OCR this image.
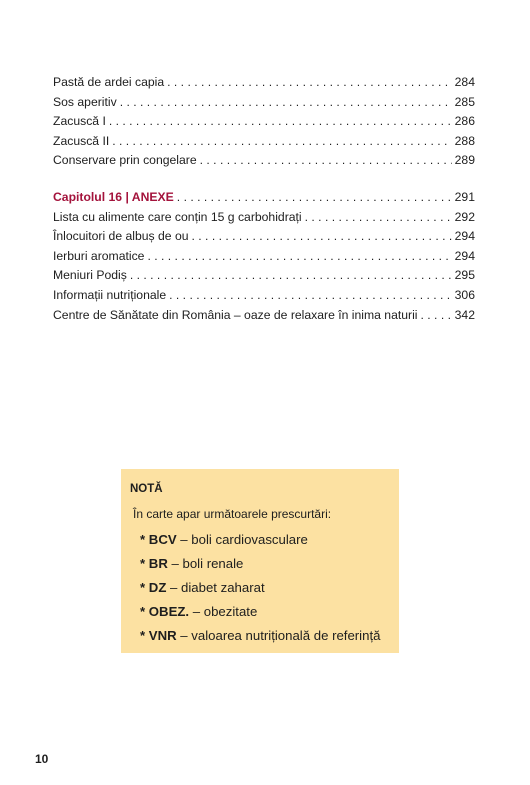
Pastă de ardei capia . . .	284
Sos aperitiv . . .	285
Zacuscă I . . .	286
Zacuscă II . . .	288
Conservare prin congelare . . .	289
Capitolul 16 | ANEXE . . .	291
Lista cu alimente care conțin 15 g carbohidrați . . .	292
Înlocuitori de albuș de ou . . .	294
Ierburi aromatice . . .	294
Meniuri Podiș . . .	295
Informații nutriționale . . .	306
Centre de Sănătate din România – oaze de relaxare în inima naturii . . .	342
NOTĂ
În carte apar următoarele prescurtări:
* BCV – boli cardiovasculare
* BR – boli renale
* DZ – diabet zaharat
* OBEZ. – obezitate
* VNR – valoarea nutrițională de referință
10
